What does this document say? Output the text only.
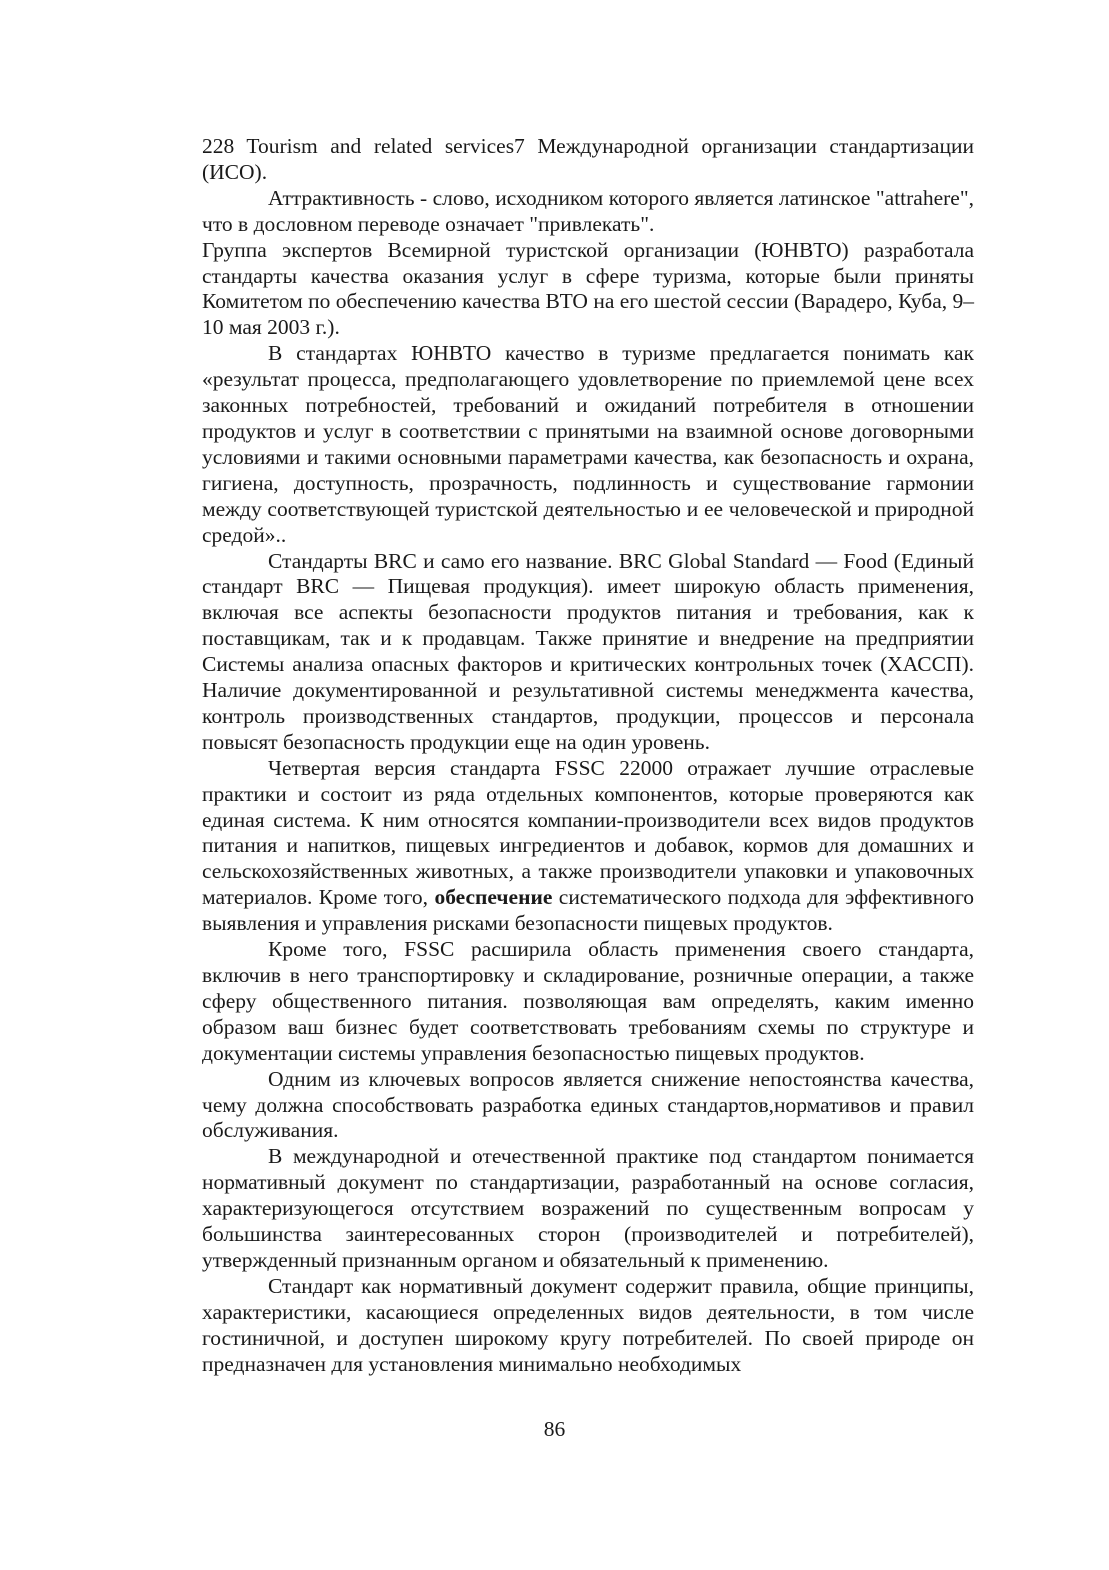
228 Tourism and related services7 Международной организации стандартизации (ИСО).

Аттрактивность - слово, исходником которого является латинское "attrahere", что в дословном переводе означает "привлекать".

Группа экспертов Всемирной туристской организации (ЮНВТО) разработала стандарты качества оказания услуг в сфере туризма, которые были приняты Комитетом по обеспечению качества ВТО на его шестой сессии (Варадеро, Куба, 9–10 мая 2003 г.).

В стандартах ЮНВТО качество в туризме предлагается понимать как «результат процесса, предполагающего удовлетворение по приемлемой цене всех законных потребностей, требований и ожиданий потребителя в отношении продуктов и услуг в соответствии с принятыми на взаимной основе договорными условиями и такими основными параметрами качества, как безопасность и охрана, гигиена, доступность, прозрачность, подлинность и существование гармонии между соответствующей туристской деятельностью и ее человеческой и природной средой»..

Стандарты BRC и само его название. BRC Global Standard — Food (Единый стандарт BRC — Пищевая продукция). имеет широкую область применения, включая все аспекты безопасности продуктов питания и требования, как к поставщикам, так и к продавцам. Также принятие и внедрение на предприятии Системы анализа опасных факторов и критических контрольных точек (ХАССП). Наличие документированной и результативной системы менеджмента качества, контроль производственных стандартов, продукции, процессов и персонала повысят безопасность продукции еще на один уровень.

Четвертая версия стандарта FSSC 22000 отражает лучшие отраслевые практики и состоит из ряда отдельных компонентов, которые проверяются как единая система. К ним относятся компании-производители всех видов продуктов питания и напитков, пищевых ингредиентов и добавок, кормов для домашних и сельскохозяйственных животных, а также производители упаковки и упаковочных материалов. Кроме того, обеспечение систематического подхода для эффективного выявления и управления рисками безопасности пищевых продуктов.

Кроме того, FSSC расширила область применения своего стандарта, включив в него транспортировку и складирование, розничные операции, а также сферу общественного питания. позволяющая вам определять, каким именно образом ваш бизнес будет соответствовать требованиям схемы по структуре и документации системы управления безопасностью пищевых продуктов.

Одним из ключевых вопросов является снижение непостоянства качества, чему должна способствовать разработка единых стандартов,нормативов и правил обслуживания.

В международной и отечественной практике под стандартом понимается нормативный документ по стандартизации, разработанный на основе согласия, характеризующегося отсутствием возражений по существенным вопросам у большинства заинтересованных сторон (производителей и потребителей), утвержденный признанным органом и обязательный к применению.

Стандарт как нормативный документ содержит правила, общие принципы, характеристики, касающиеся определенных видов деятельности, в том числе гостиничной, и доступен широкому кругу потребителей. По своей природе он предназначен для установления минимально необходимых

86
